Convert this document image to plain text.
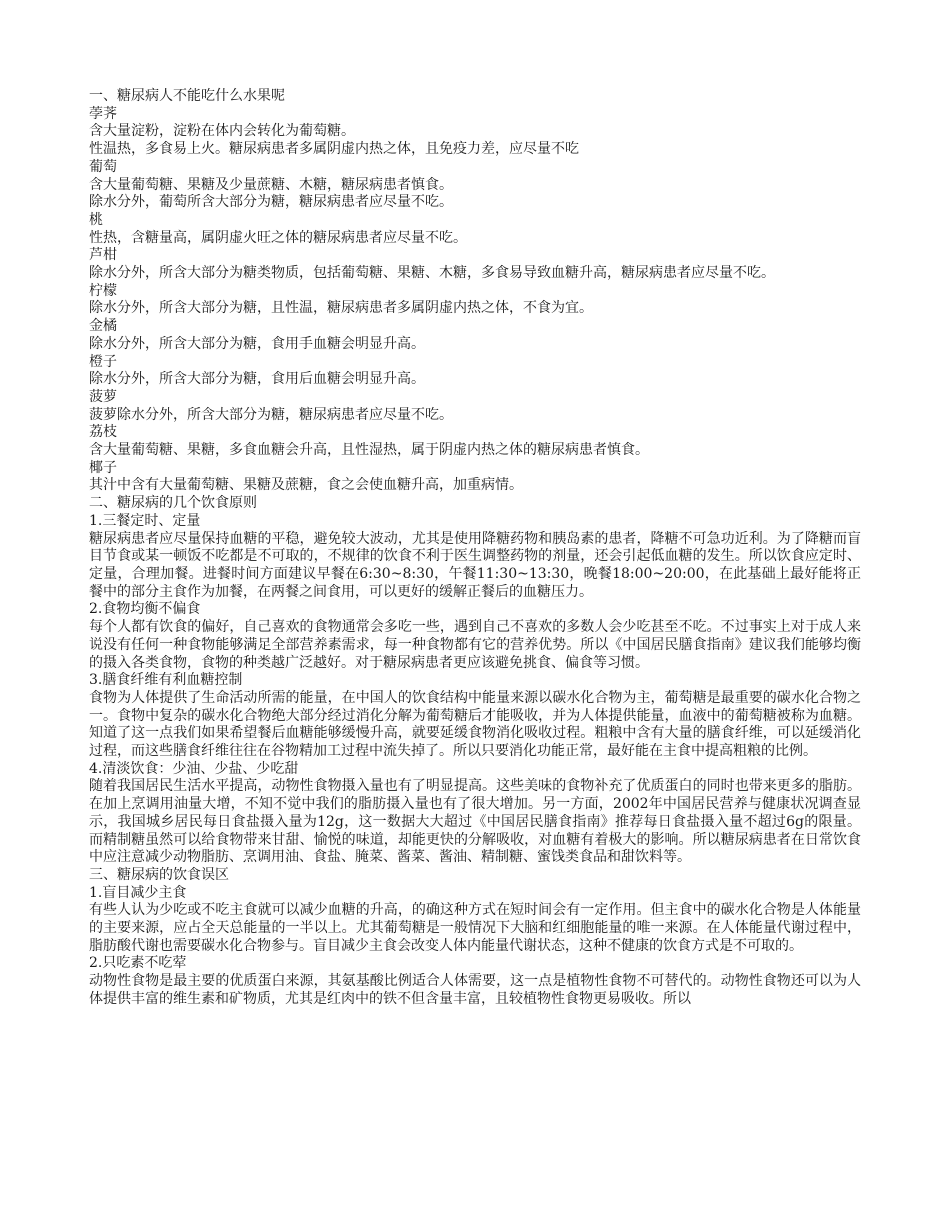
一、糖尿病人不能吃什么水果呢

荸荠

含大量淀粉，淀粉在体内会转化为葡萄糖。

性温热，多食易上火。糖尿病患者多属阴虚内热之体，且免疫力差，应尽量不吃

葡萄

含大量葡萄糖、果糖及少量蔗糖、木糖，糖尿病患者慎食。

除水分外，葡萄所含大部分为糖，糖尿病患者应尽量不吃。

桃

性热，含糖量高，属阴虚火旺之体的糖尿病患者应尽量不吃。

芦柑

除水分外，所含大部分为糖类物质，包括葡萄糖、果糖、木糖，多食易导致血糖升高，糖尿病患者应尽量不吃。

柠檬

除水分外，所含大部分为糖，且性温，糖尿病患者多属阴虚内热之体，不食为宜。

金橘

除水分外，所含大部分为糖，食用手血糖会明显升高。

橙子

除水分外，所含大部分为糖，食用后血糖会明显升高。

菠萝

菠萝除水分外，所含大部分为糖，糖尿病患者应尽量不吃。

荔枝

含大量葡萄糖、果糖，多食血糖会升高，且性湿热，属于阴虚内热之体的糖尿病患者慎食。

椰子

其汁中含有大量葡萄糖、果糖及蔗糖，食之会使血糖升高，加重病情。

二、糖尿病的几个饮食原则

1.三餐定时、定量

糖尿病患者应尽量保持血糖的平稳，避免较大波动，尤其是使用降糖药物和胰岛素的患者，降糖不可急功近利。为了降糖而盲目节食或某一顿饭不吃都是不可取的，不规律的饮食不利于医生调整药物的剂量，还会引起低血糖的发生。所以饮食应定时、定量，合理加餐。进餐时间方面建议早餐在6:30~8:30，午餐11:30~13:30，晚餐18:00~20:00，在此基础上最好能将正餐中的部分主食作为加餐，在两餐之间食用，可以更好的缓解正餐后的血糖压力。

2.食物均衡不偏食

每个人都有饮食的偏好，自己喜欢的食物通常会多吃一些，遇到自己不喜欢的多数人会少吃甚至不吃。不过事实上对于成人来说没有任何一种食物能够满足全部营养素需求，每一种食物都有它的营养优势。所以《中国居民膳食指南》建议我们能够均衡的摄入各类食物，食物的种类越广泛越好。对于糖尿病患者更应该避免挑食、偏食等习惯。

3.膳食纤维有利血糖控制

食物为人体提供了生命活动所需的能量，在中国人的饮食结构中能量来源以碳水化合物为主，葡萄糖是最重要的碳水化合物之一。食物中复杂的碳水化合物绝大部分经过消化分解为葡萄糖后才能吸收，并为人体提供能量，血液中的葡萄糖被称为血糖。知道了这一点我们如果希望餐后血糖能够缓慢升高，就要延缓食物消化吸收过程。粗粮中含有大量的膳食纤维，可以延缓消化过程，而这些膳食纤维往往在谷物精加工过程中流失掉了。所以只要消化功能正常，最好能在主食中提高粗粮的比例。

4.清淡饮食：少油、少盐、少吃甜

随着我国居民生活水平提高，动物性食物摄入量也有了明显提高。这些美味的食物补充了优质蛋白的同时也带来更多的脂肪。在加上烹调用油量大增，不知不觉中我们的脂肪摄入量也有了很大增加。另一方面，2002年中国居民营养与健康状况调查显示，我国城乡居民每日食盐摄入量为12g，这一数据大大超过《中国居民膳食指南》推荐每日食盐摄入量不超过6g的限量。而精制糖虽然可以给食物带来甘甜、愉悦的味道，却能更快的分解吸收，对血糖有着极大的影响。所以糖尿病患者在日常饮食中应注意减少动物脂肪、烹调用油、食盐、腌菜、酱菜、酱油、精制糖、蜜饯类食品和甜饮料等。

三、糖尿病的饮食误区

1.盲目减少主食

有些人认为少吃或不吃主食就可以减少血糖的升高，的确这种方式在短时间会有一定作用。但主食中的碳水化合物是人体能量的主要来源，应占全天总能量的一半以上。尤其葡萄糖是一般情况下大脑和红细胞能量的唯一来源。在人体能量代谢过程中，脂肪酸代谢也需要碳水化合物参与。盲目减少主食会改变人体内能量代谢状态，这种不健康的饮食方式是不可取的。

2.只吃素不吃荤

动物性食物是最主要的优质蛋白来源，其氨基酸比例适合人体需要，这一点是植物性食物不可替代的。动物性食物还可以为人体提供丰富的维生素和矿物质，尤其是红肉中的铁不但含量丰富，且较植物性食物更易吸收。所以
